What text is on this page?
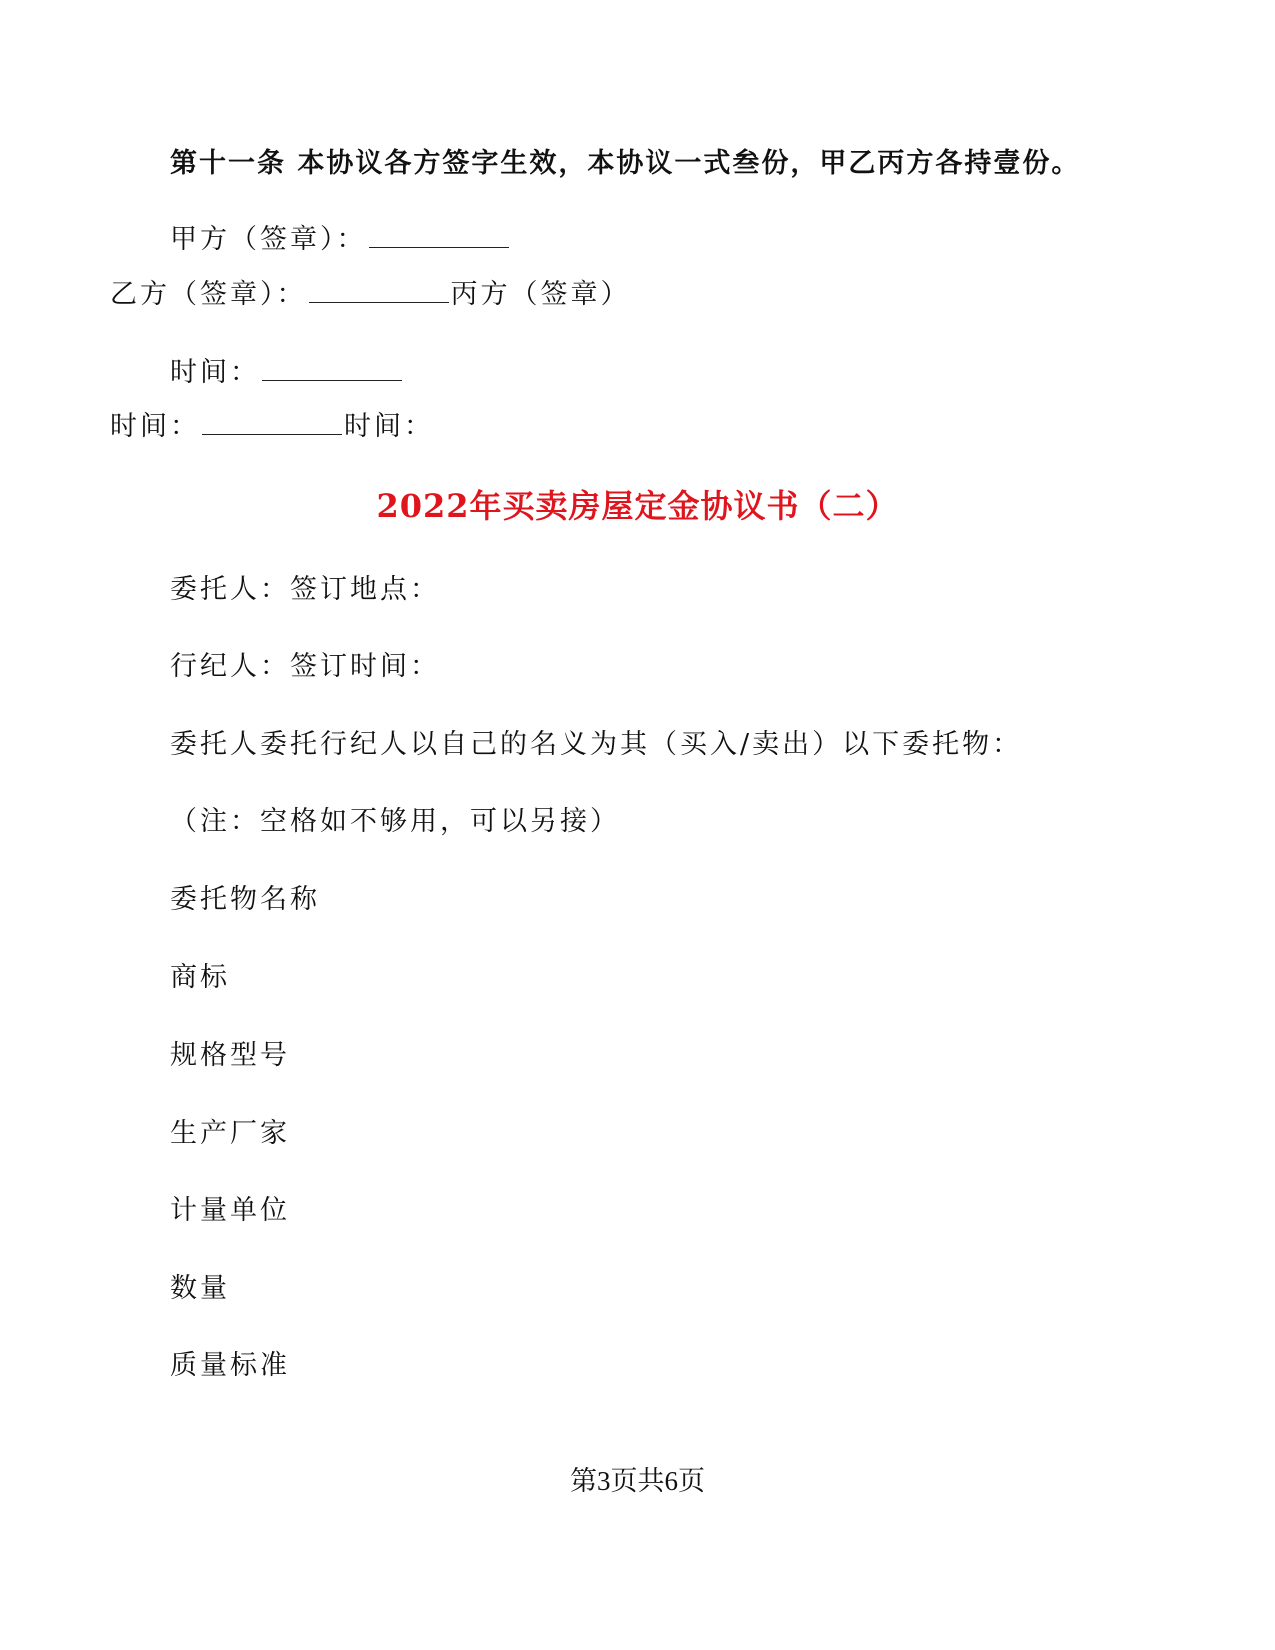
第十一条 本协议各方签字生效，本协议一式叁份，甲乙丙方各持壹份。
甲方（签章）：
乙方（签章）：	丙方（签章）
时间：
时间：	时间：
2022年买卖房屋定金协议书（二）
委托人：签订地点：
行纪人：签订时间：
委托人委托行纪人以自己的名义为其（买入/卖出）以下委托物：
（注：空格如不够用，可以另接）
委托物名称
商标
规格型号
生产厂家
计量单位
数量
质量标准
第3页共6页
